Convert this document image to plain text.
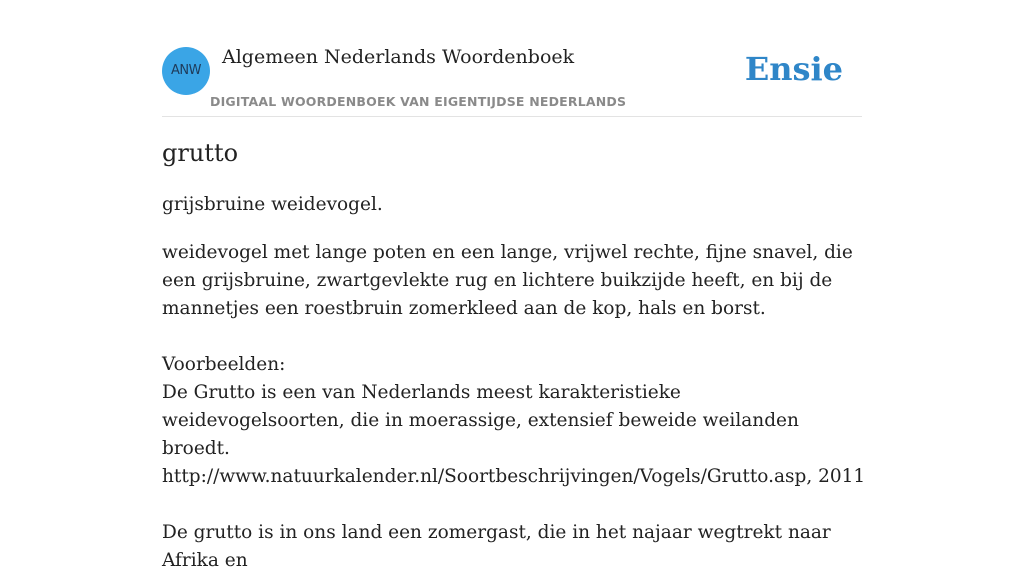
ANW
Algemeen Nederlands Woordenboek
DIGITAAL WOORDENBOEK VAN EIGENTIJDSE NEDERLANDS
Ensie
grutto

grijsbruine weidevogel.

weidevogel met lange poten en een lange, vrijwel rechte, fijne snavel, die een grijsbruine, zwartgevlekte rug en lichtere buikzijde heeft, en bij de mannetjes een roestbruin zomerkleed aan de kop, hals en borst.

Voorbeelden:

De Grutto is een van Nederlands meest karakteristieke weidevogelsoorten, die in moerassige, extensief beweide weilanden broedt.

http://www.natuurkalender.nl/Soortbeschrijvingen/Vogels/Grutto.asp, 2011

De grutto is in ons land een zomergast, die in het najaar wegtrekt naar Afrika en
